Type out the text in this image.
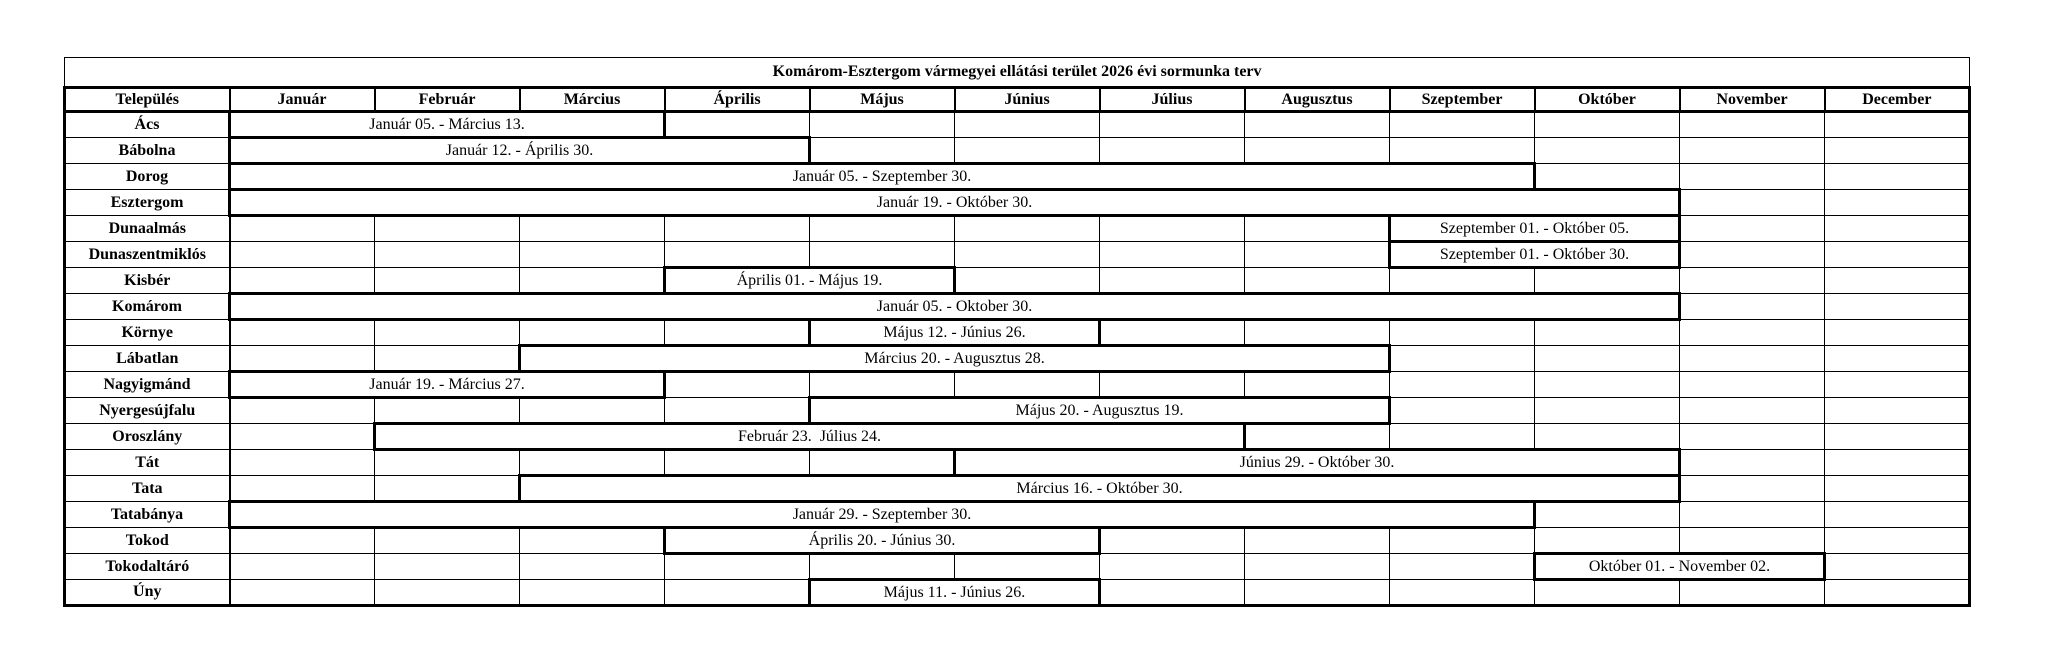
Komárom-Esztergom vármegyei ellátási terület 2026 évi sormunka terv												
Település	Január	Február	Március	Április	Május	Június	Július	Augusztus	Szeptember	Október	November	December
Ács	Január 05. - Március 13.											
Bábolna	Január 12. - Április 30.											
Dorog	Január 05. - Szeptember 30.											
Esztergom	Január 19. - Október 30.											
Dunaalmás									Szeptember 01. - Október 05.			
Dunaszentmiklós									Szeptember 01. - Október 30.			
Kisbér				Április 01. - Május 19.								
Komárom	Január 05. - Oktober 30.											
Környe					Május 12. - Június 26.							
Lábatlan			Március 20. - Augusztus 28.									
Nagyigmánd	Január 19. - Március 27.											
Nyergesújfalu					Május 20. - Augusztus 19.							
Oroszlány		Február 23.  Július 24.										
Tát						Június 29. - Október 30.						
Tata			Március 16. - Október 30.									
Tatabánya	Január 29. - Szeptember 30.											
Tokod				Április 20. - Június 30.								
Tokodaltáró										Október 01. - November 02.		
Úny					Május 11. - Június 26.							
